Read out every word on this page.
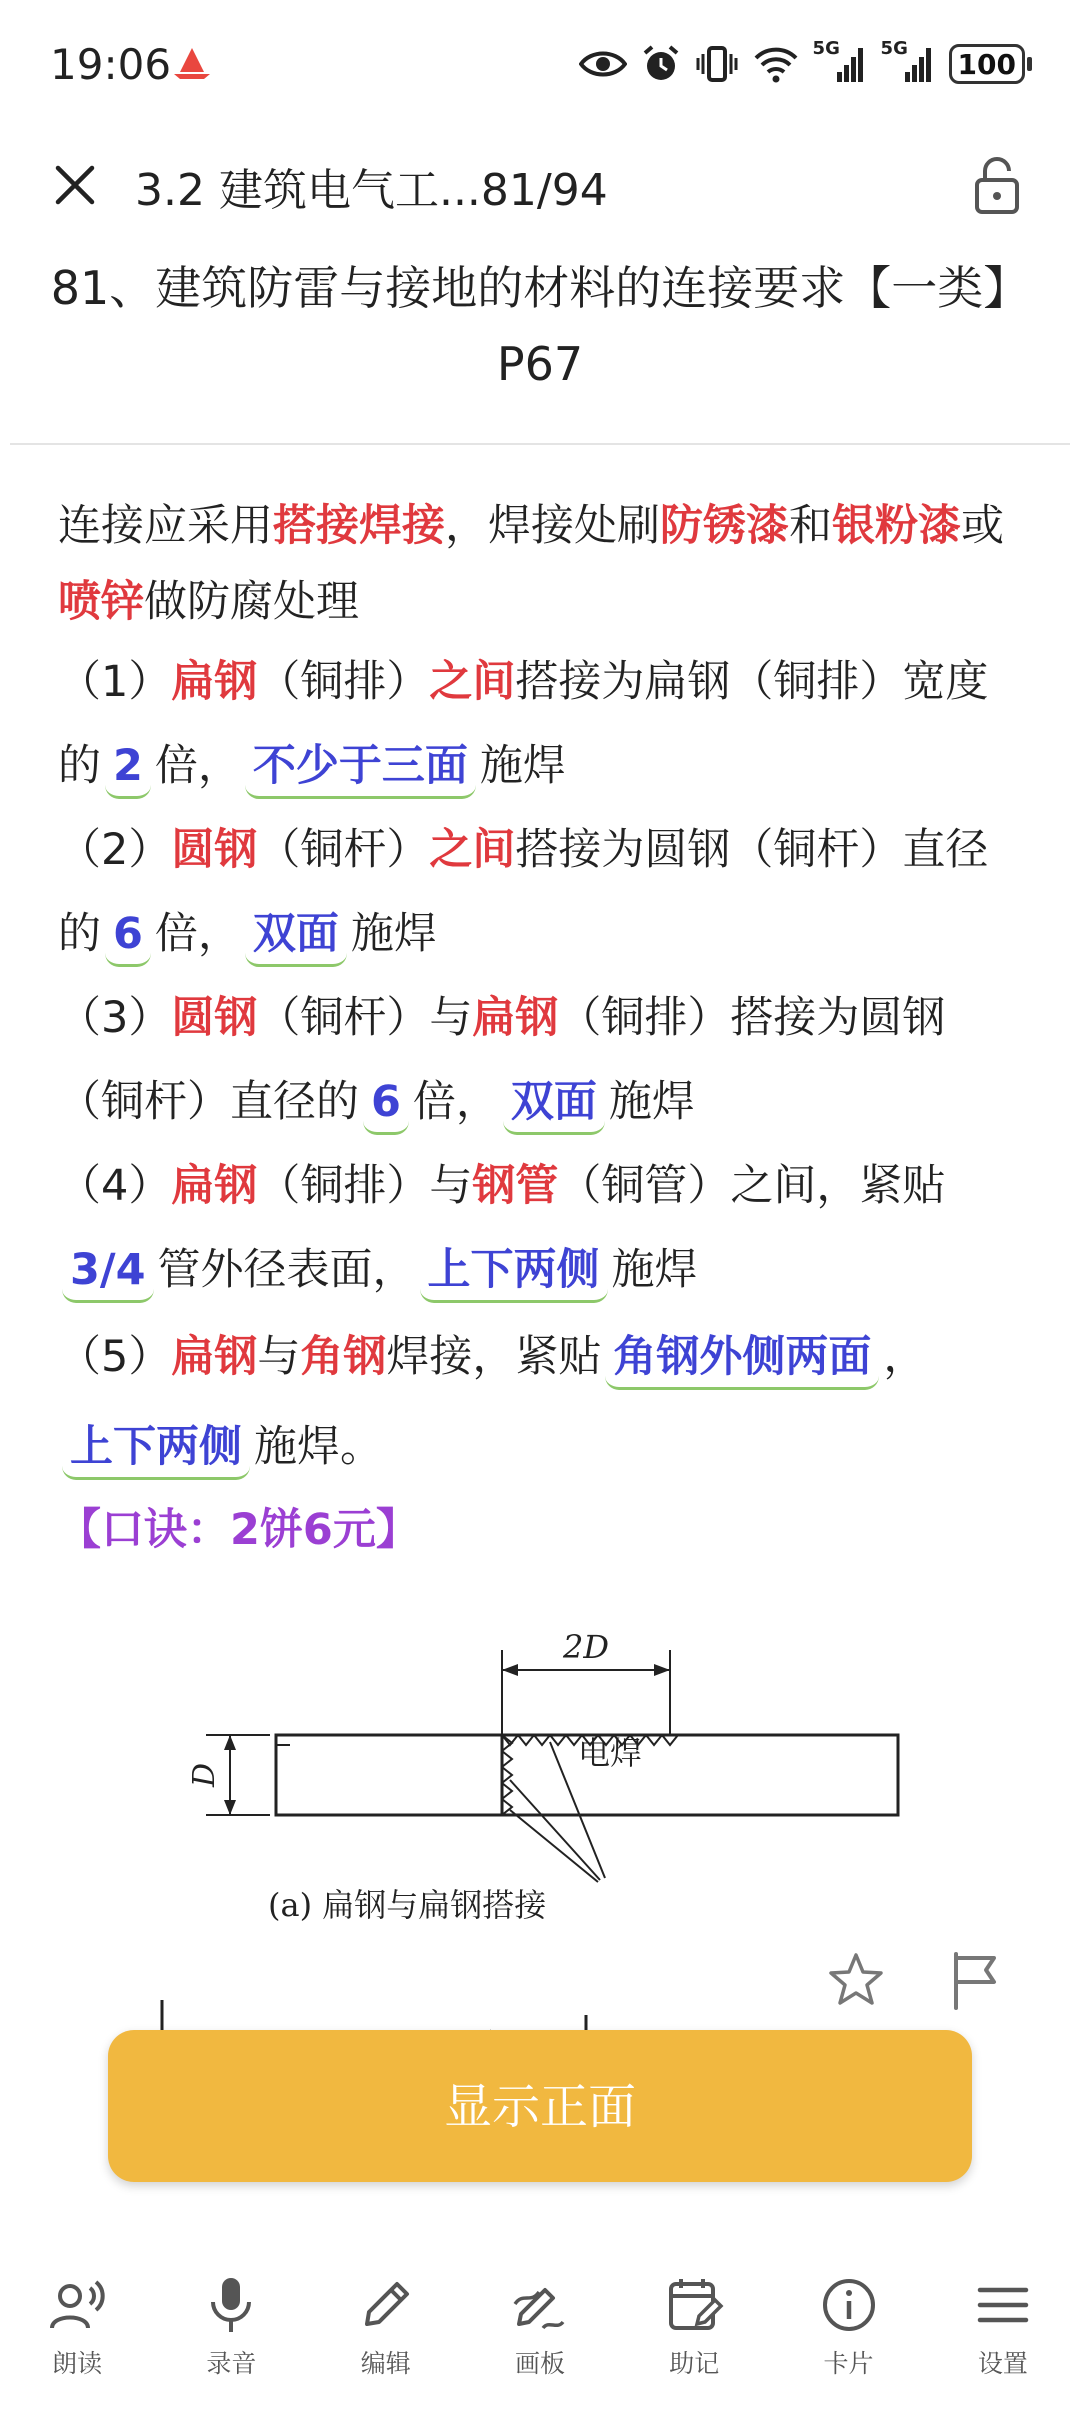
19:06	5G 5G	100
3.2 建筑电气工...81/94
81、建筑防雷与接地的材料的连接要求【一类】P67

连接应采用搭接焊接，焊接处刷防锈漆和银粉漆或喷锌做防腐处理

（1）扁钢（铜排）之间搭接为扁钢（铜排）宽度的 2 倍， 不少于三面 施焊

（2）圆钢（铜杆）之间搭接为圆钢（铜杆）直径的 6 倍， 双面 施焊

（3）圆钢（铜杆）与扁钢（铜排）搭接为圆钢（铜杆）直径的 6 倍， 双面 施焊

（4）扁钢（铜排）与钢管（铜管）之间，紧贴3/4 管外径表面， 上下两侧 施焊

（5）扁钢与角钢焊接，紧贴 角钢外侧两面 ，上下两侧 施焊。

【口诀：2饼6元】

2D
D
电焊
(a) 扁钢与扁钢搭接
显示正面
朗读	录音	编辑	画板	助记	卡片	设置
